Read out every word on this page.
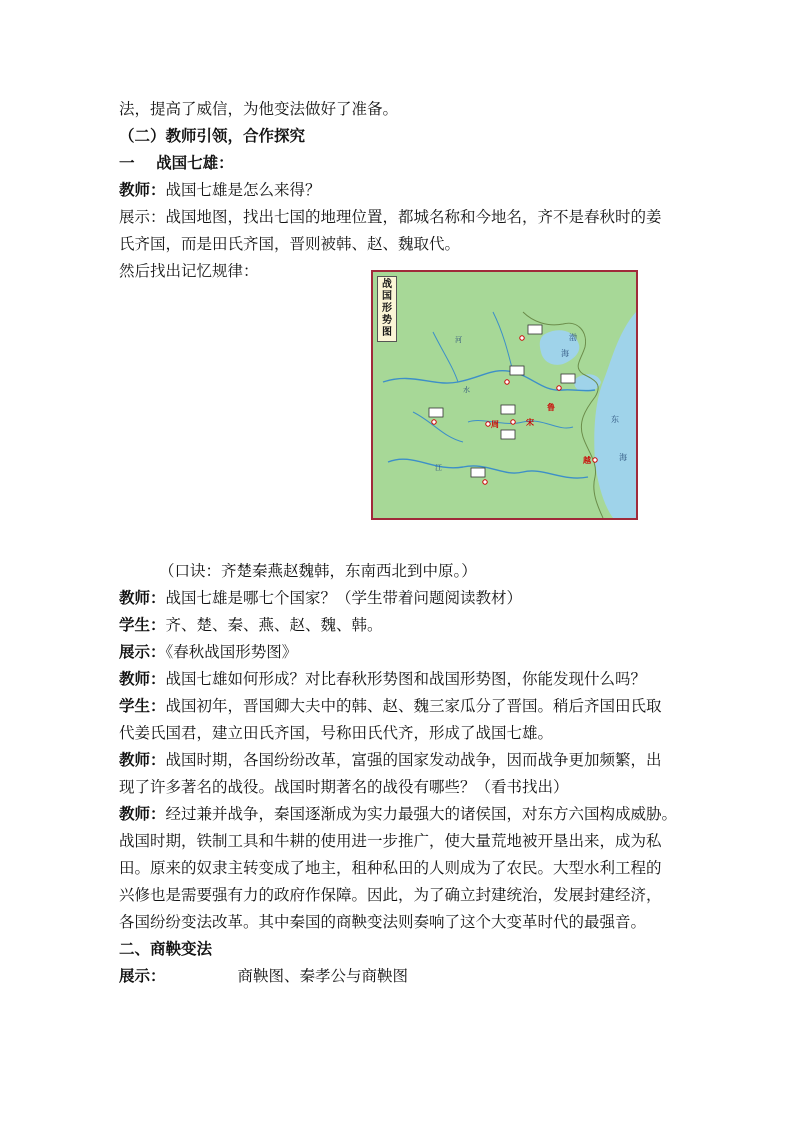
法，提高了威信，为他变法做好了准备。

（二）教师引领，合作探究

一 战国七雄：

教师：战国七雄是怎么来得？

展示：战国地图，找出七国的地理位置，都城名称和今地名，齐不是春秋时的姜

氏齐国，而是田氏齐国，晋则被韩、赵、魏取代。

然后找出记忆规律：

（口诀：齐楚秦燕赵魏韩，东南西北到中原。）

教师：战国七雄是哪七个国家？（学生带着问题阅读教材）

学生：齐、楚、秦、燕、赵、魏、韩。

展示：《春秋战国形势图》

教师：战国七雄如何形成？对比春秋形势图和战国形势图，你能发现什么吗？

学生：战国初年，晋国卿大夫中的韩、赵、魏三家瓜分了晋国。稍后齐国田氏取

代姜氏国君，建立田氏齐国，号称田氏代齐，形成了战国七雄。

教师：战国时期，各国纷纷改革，富强的国家发动战争，因而战争更加频繁，出

现了许多著名的战役。战国时期著名的战役有哪些？（看书找出）

教师：经过兼并战争，秦国逐渐成为实力最强大的诸侯国，对东方六国构成威胁。

战国时期，铁制工具和牛耕的使用进一步推广，使大量荒地被开垦出来，成为私

田。原来的奴隶主转变成了地主，租种私田的人则成为了农民。大型水利工程的

兴修也是需要强有力的政府作保障。因此，为了确立封建统治，发展封建经济，

各国纷纷变法改革。其中秦国的商鞅变法则奏响了这个大变革时代的最强音。

二、商鞅变法

展示：	商鞅图、秦孝公与商鞅图

周	宋
鲁
越
渤
海
东
海
河
江
水
战国形势图
